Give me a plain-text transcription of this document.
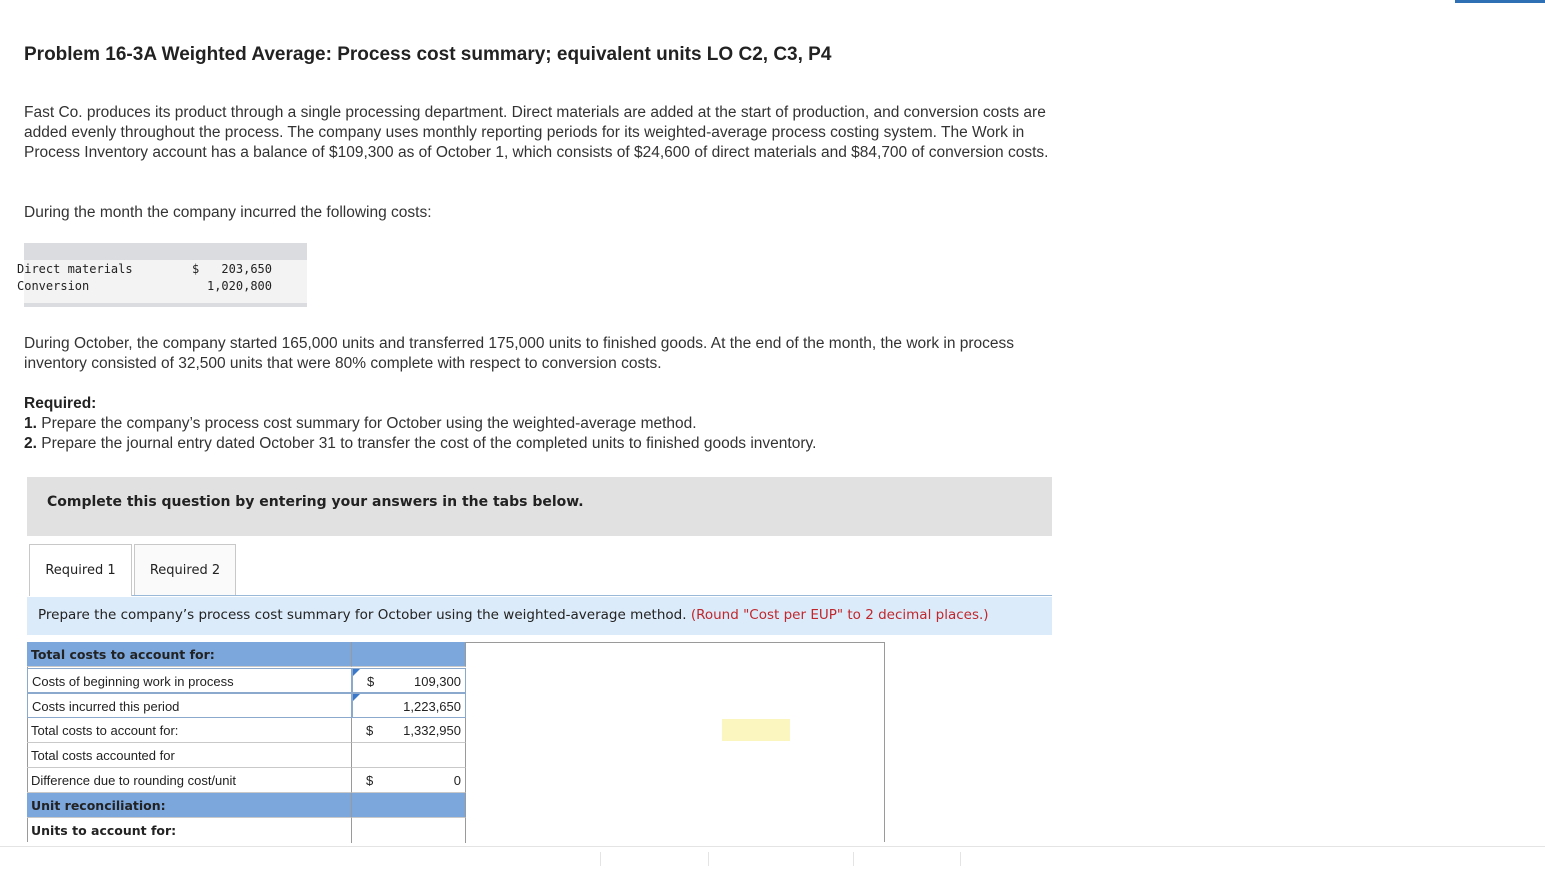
Problem 16-3A Weighted Average: Process cost summary; equivalent units LO C2, C3, P4

Fast Co. produces its product through a single processing department. Direct materials are added at the start of production, and conversion costs are added evenly throughout the process. The company uses monthly reporting periods for its weighted-average process costing system. The Work in Process Inventory account has a balance of $109,300 as of October 1, which consists of $24,600 of direct materials and $84,700 of conversion costs.

During the month the company incurred the following costs:

Direct materials	$ 203,650
Conversion	1,020,800

During October, the company started 165,000 units and transferred 175,000 units to finished goods. At the end of the month, the work in process inventory consisted of 32,500 units that were 80% complete with respect to conversion costs.

Required:
1. Prepare the company’s process cost summary for October using the weighted-average method.
2. Prepare the journal entry dated October 31 to transfer the cost of the completed units to finished goods inventory.
Complete this question by entering your answers in the tabs below.
Required 1	Required 2
Prepare the company’s process cost summary for October using the weighted-average method. (Round "Cost per EUP" to 2 decimal places.)
Total costs to account for:
Costs of beginning work in process	$	109,300
Costs incurred this period	1,223,650
Total costs to account for:	$ 1,332,950
Total costs accounted for
Difference due to rounding cost/unit	$	0
Unit reconciliation:
Units to account for:
